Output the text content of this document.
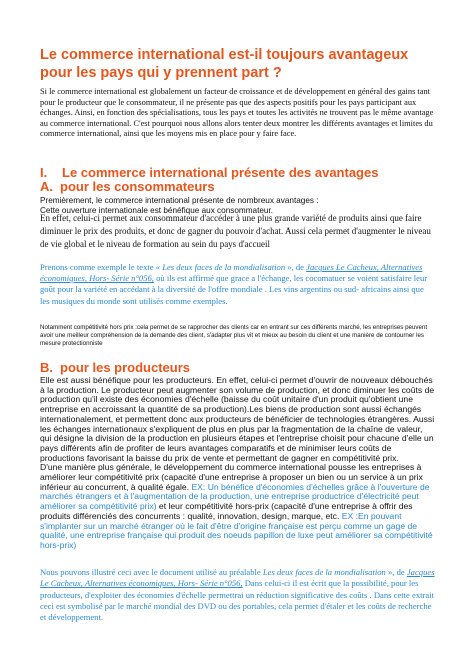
Le commerce international est-il toujours avantageux pour les pays qui y prennent part ?

Si le commerce international est globalement un facteur de croissance et de développement en général des gains tant pour le producteur que le consommateur, il ne présente pas que des aspects positifs pour les pays participant aux échanges. Ainsi, en fonction des spécialisations, tous les pays et toutes les activités ne trouvent pas le même avantage au commerce international. C'est pourquoi nous allons alors tenter deux montrer les différents avantages et limites du commerce international, ainsi que les moyens mis en place pour y faire face.

I. Le commerce international présente des avantages
A. pour les consommateurs

Premièrement, le commerce international présente de nombreux avantages :
Cette ouverture internationale est bénéfique aux consommateur.

En effet, celui-ci permet aux consommateur d'accéder à une plus grande variété de produits ainsi que faire diminuer le prix des produits, et donc de gagner du pouvoir d'achat. Aussi cela permet d'augmenter le niveau de vie global et le niveau de formation au sein du pays d'accueil

Prenons comme exemple le texte « Les deux faces de la mondialisation », de Jacques Le Cacheux, Alternatives économiques, Hors- Série n°056, où ils est affirmé que grace a l'échange, les cocomatuer se voient satisfaire leur goût pour la variété en accédant à la diversité de l'offre mondiale . Les vins argentins ou sud- africains ainsi que les musiques du monde sont utilisés comme exemples.

Notamment compétitivité hors prix :cela permet de se rapprocher des clients car en entrant sur ces différents marché, les entreprises peuvent avoir une meilleur compréhension de la demande des client, s'adapter plus vit et mieux au besoin du client et une manière de contourner les mesure protectionniste

B. pour les producteurs

Elle est aussi bénéfique pour les producteurs. En effet, celui-ci permet d'ouvrir de nouveaux débouchés à la production. Le producteur peut augmenter son volume de production, et donc diminuer les coûts de production qu'il existe des économies d'échelle (baisse du coût unitaire d'un produit qu'obtient une entreprise en accroissant la quantité de sa production).Les biens de production sont aussi échangés internationalement, et permettent donc aux producteurs de bénéficier de technologies étrangères. Aussi les échanges internationaux s'expliquent de plus en plus par la fragmentation de la chaîne de valeur, qui désigne la division de la production en plusieurs étapes et l'entreprise choisit pour chacune d'elle un pays différents afin de profiter de leurs avantages comparatifs et de minimiser leurs coûts de productions favorisant la baisse du prix de vente et permettant de gagner en compétitivité prix.
D'une manière plus générale, le développement du commerce international pousse les entreprises à améliorer leur compétitivité prix (capacité d'une entreprise à proposer un bien ou un service à un prix inférieur au concurrent, à qualité égale. EX: Un bénéfice d'économies d'échelles grâce à l'ouverture de marchés étrangers et à l'augmentation de la production, une entreprise productrice d'électricité peut améliorer sa compétitivité prix) et leur compétitivité hors-prix (capacité d'une entreprise à offrir des produits différenciés des concurrents : qualité, innovation, design, marque, etc. EX :En pouvant s'implanter sur un marché étranger où le fait d'être d'origine française est perçu comme un gage de qualité, une entreprise française qui produit des noeuds papillon de luxe peut améliorer sa compétitivité hors-prix)

Nous pouvons illustré ceci avec le document utilisé au préalable Les deux faces de la mondialisation », de Jacques Le Cacheux, Alternatives économiques, Hors- Série n°056, Dans celui-ci il est écrit que la possibilité, pour les producteurs, d'exploiter des économies d'échelle permettrai un réduction significative des coûts . Dans cette extrait ceci est symbolisé par le marché mondial des DVD ou des portables, cela permet d'étaler et les coûts de recherche et développement.
